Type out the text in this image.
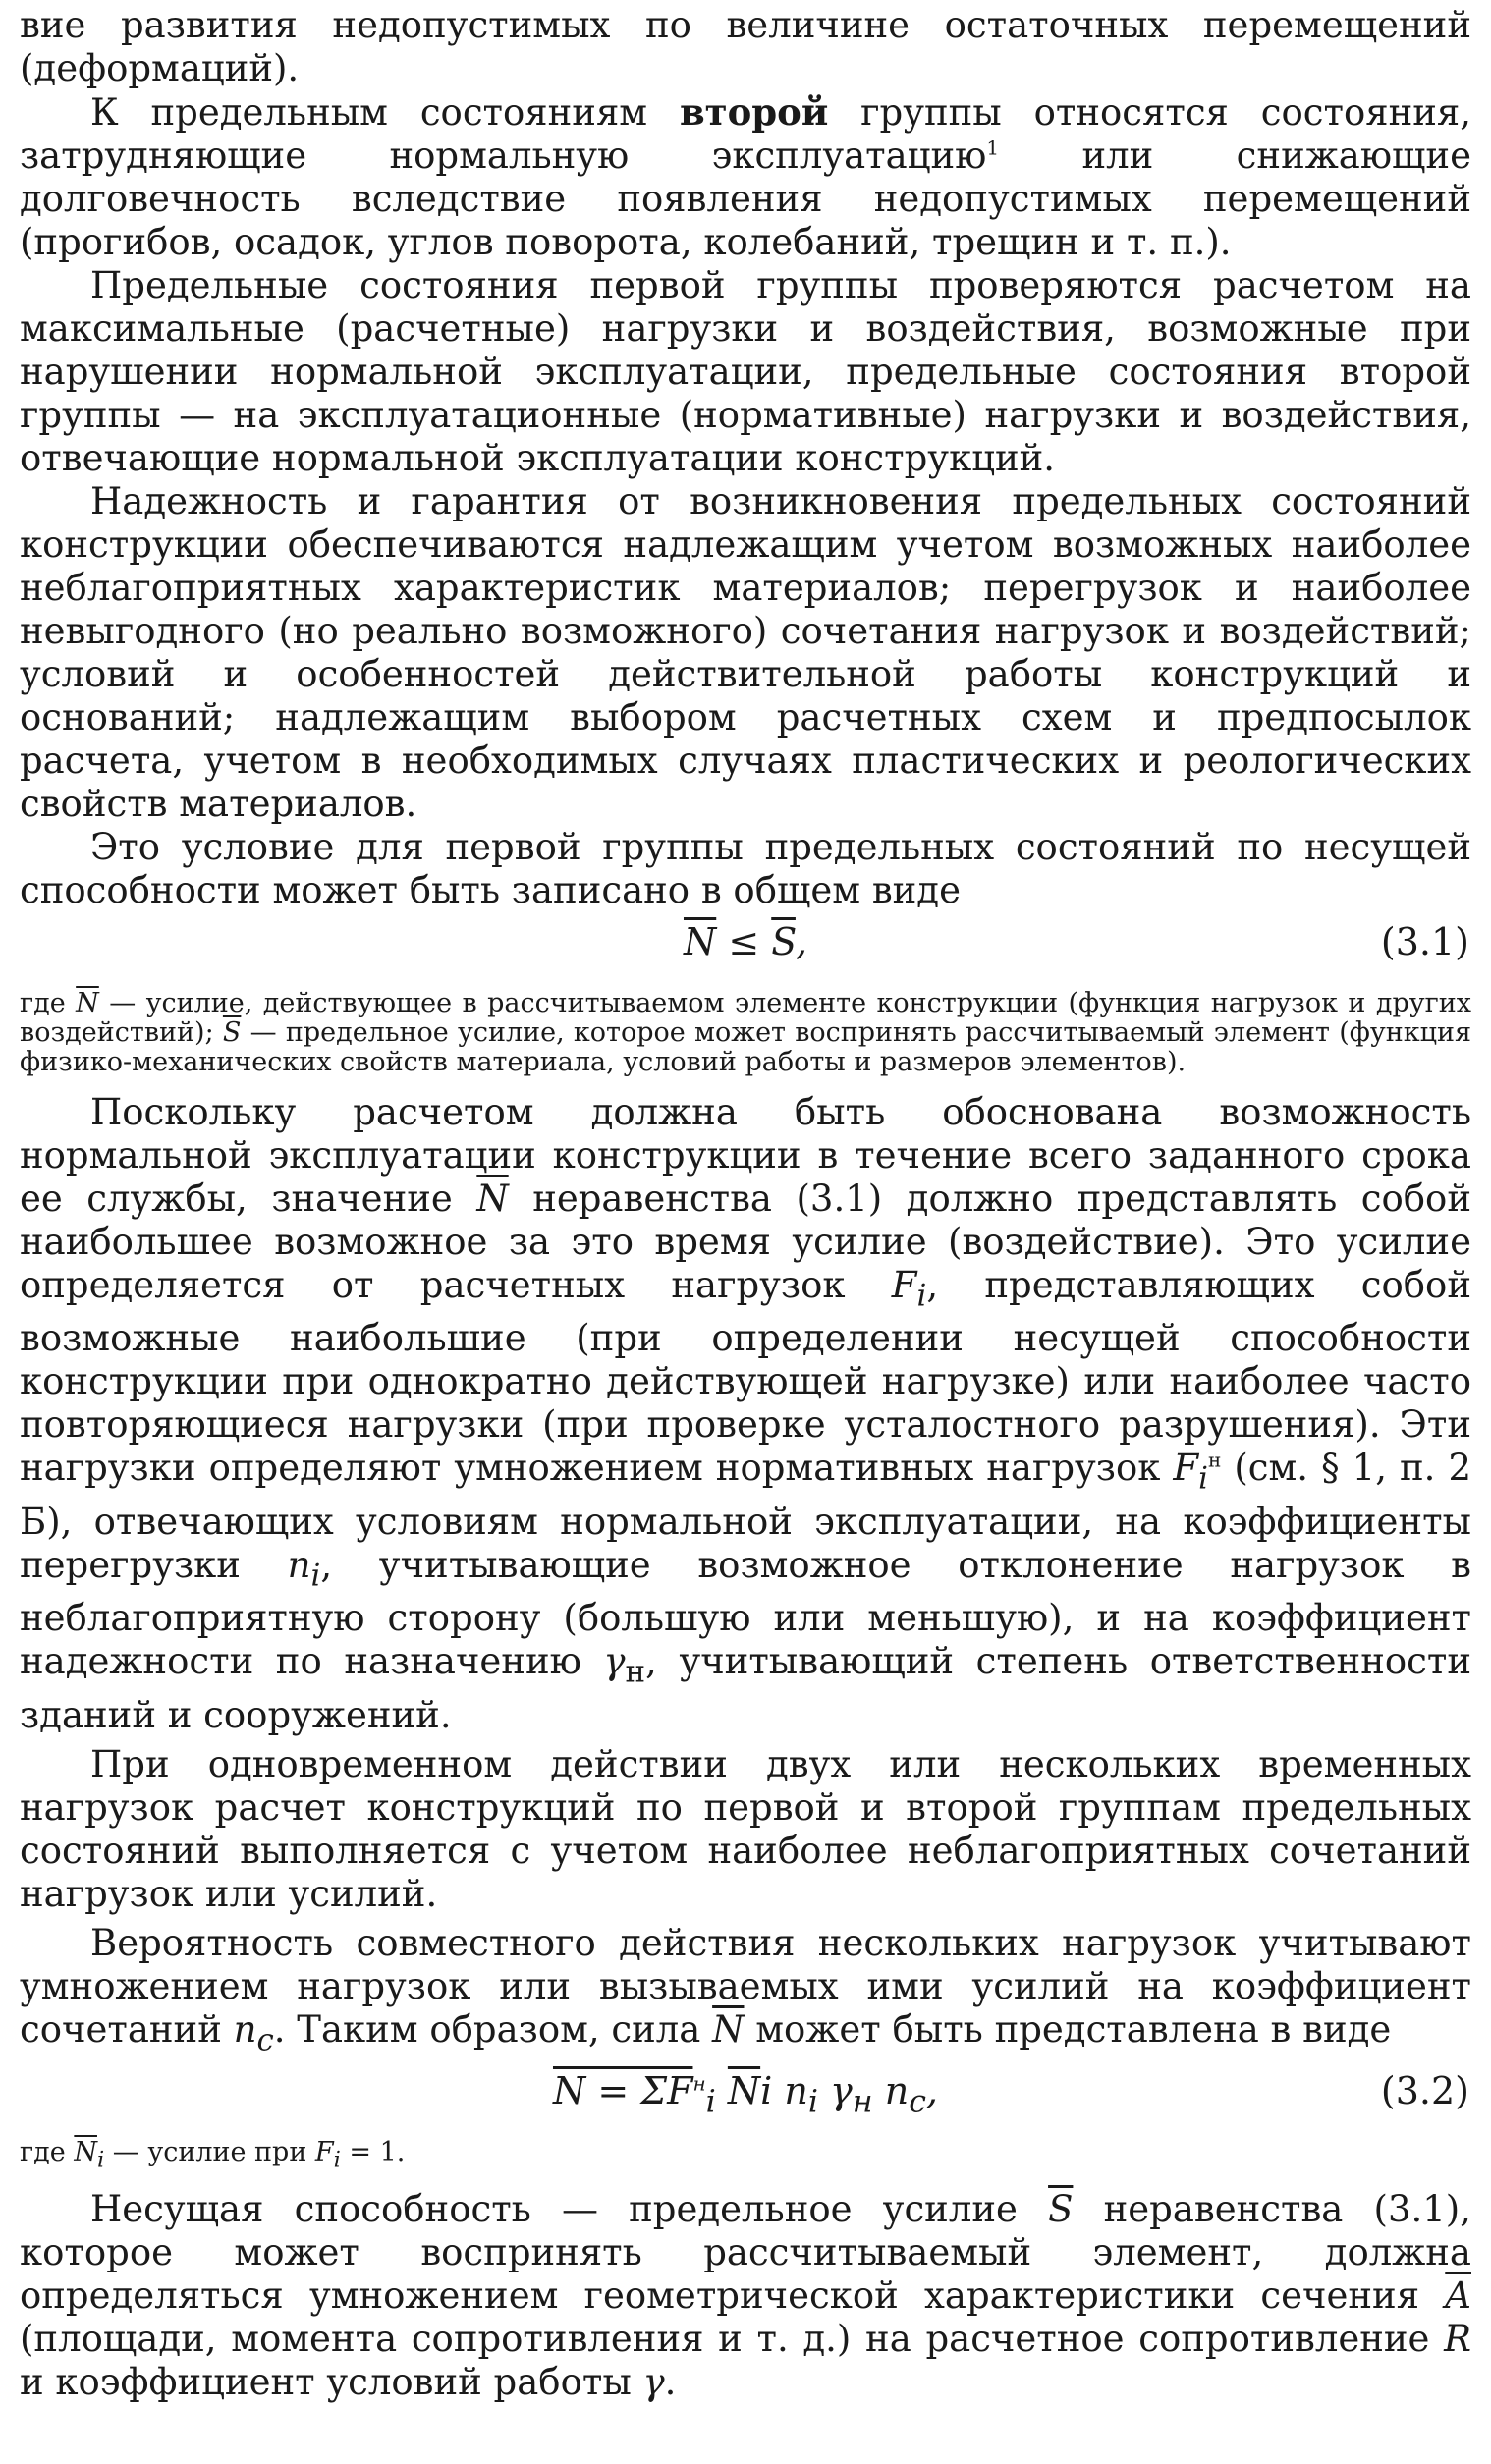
вие развития недопустимых по величине остаточных перемещений (деформаций).

К предельным состояниям второй группы относятся состояния, затрудняющие нормальную эксплуатацию$^1$ или снижающие долговечность вследствие появления недопустимых перемещений (прогибов, осадок, углов поворота, колебаний, трещин и т. п.).

Предельные состояния первой группы проверяются расчетом на максимальные (расчетные) нагрузки и воздействия, возможные при нарушении нормальной эксплуатации, предельные состояния второй группы — на эксплуатационные (нормативные) нагрузки и воздействия, отвечающие нормальной эксплуатации конструкций.

Надежность и гарантия от возникновения предельных состояний конструкции обеспечиваются надлежащим учетом возможных наиболее неблагоприятных характеристик материалов; перегрузок и наиболее невыгодного (но реально возможного) сочетания нагрузок и воздействий; условий и особенностей действительной работы конструкций и оснований; надлежащим выбором расчетных схем и предпосылок расчета, учетом в необходимых случаях пластических и реологических свойств материалов.

Это условие для первой группы предельных состояний по несущей способности может быть записано в общем виде

$\overline{N} \le \overline{S}$,	(3.1)

где $\overline{N}$ — усилие, действующее в рассчитываемом элементе конструкции (функция нагрузок и других воздействий); $\overline{S}$ — предельное усилие, которое может воспринять рассчитываемый элемент (функция физико-механических свойств материала, условий работы и размеров элементов).

Поскольку расчетом должна быть обоснована возможность нормальной эксплуатации конструкции в течение всего заданного срока ее службы, значение $\overline{N}$ неравенства (3.1) должно представлять собой наибольшее возможное за это время усилие (воздействие). Это усилие определяется от расчетных нагрузок $F_i$, представляющих собой возможные наибольшие (при определении несущей способности конструкции при однократно действующей нагрузке) или наиболее часто повторяющиеся нагрузки (при проверке усталостного разрушения). Эти нагрузки определяют умножением нормативных нагрузок $F_i^н$ (см. § 1, п. 2 Б), отвечающих условиям нормальной эксплуатации, на коэффициенты перегрузки $n_i$, учитывающие возможное отклонение нагрузок в неблагоприятную сторону (большую или меньшую), и на коэффициент надежности по назначению $\gamma_н$, учитывающий степень ответственности зданий и сооружений.

При одновременном действии двух или нескольких временных нагрузок расчет конструкций по первой и второй группам предельных состояний выполняется с учетом наиболее неблагоприятных сочетаний нагрузок или усилий.

Вероятность совместного действия нескольких нагрузок учитывают умножением нагрузок или вызываемых ими усилий на коэффициент сочетаний $n_c$. Таким образом, сила $\overline{N}$ может быть представлена в виде

$N = \Sigma F^н_i$ $\overline{N}i$ $n_i$ $\gamma_н$ $n_c$,	(3.2)

где $\overline{N}_i$ — усилие при $F_i = 1$.

Несущая способность — предельное усилие $\overline{S}$ неравенства (3.1), которое может воспринять рассчитываемый элемент, должна определяться умножением геометрической характеристики сечения $\overline{A}$ (площади, момента сопротивления и т. д.) на расчетное сопротивление R и коэффициент условий работы γ.
